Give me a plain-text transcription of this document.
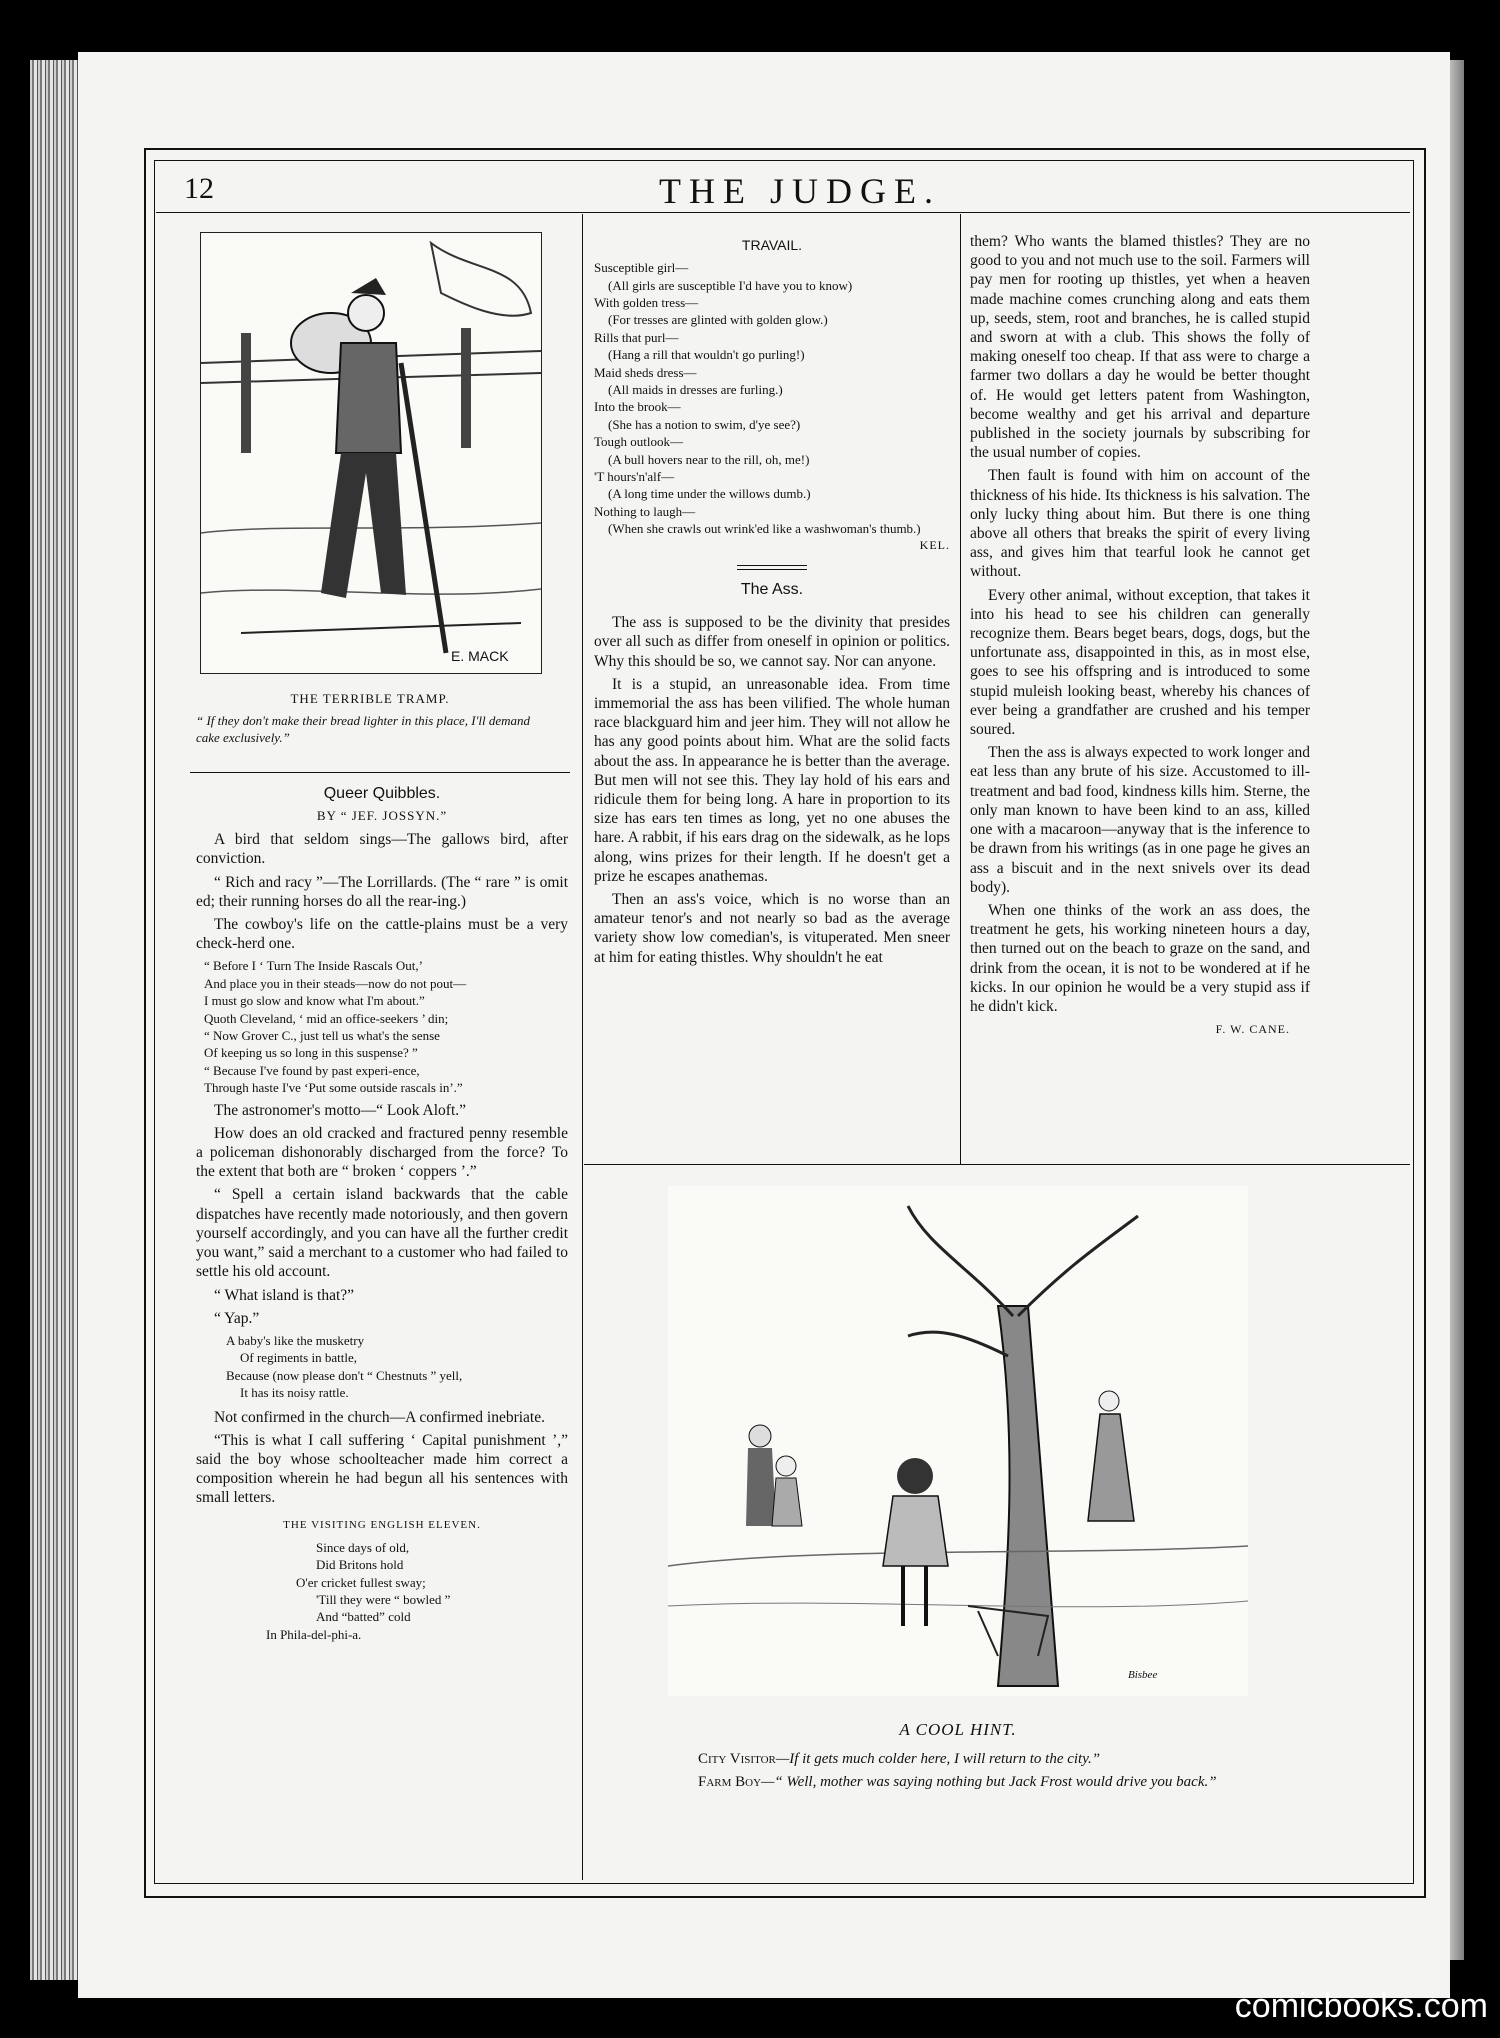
12	THE JUDGE.
E. MACK
THE TERRIBLE TRAMP.
“ If they don't make their bread lighter in this place, I'll demand cake exclusively.”
Queer Quibbles.
BY “ JEF. JOSSYN.”

A bird that seldom sings—The gallows bird, after conviction.

“ Rich and racy ”—The Lorrillards. (The “ rare ” is omit ed; their running horses do all the rear-ing.)

The cowboy's life on the cattle-plains must be a very check-herd one.

“ Before I ‘ Turn The Inside Rascals Out,’
And place you in their steads—now do not pout—
I must go slow and know what I'm about.”
Quoth Cleveland, ‘ mid an office-seekers ’ din;
“ Now Grover C., just tell us what's the sense
Of keeping us so long in this suspense? ”
“ Because I've found by past experi-ence,
Through haste I've ‘Put some outside rascals in’.”

The astronomer's motto—“ Look Aloft.”

How does an old cracked and fractured penny resemble a policeman dishonorably discharged from the force? To the extent that both are “ broken ‘ coppers ’.”

“ Spell a certain island backwards that the cable dispatches have recently made notoriously, and then govern yourself accordingly, and you can have all the further credit you want,” said a merchant to a customer who had failed to settle his old account.

“ What island is that?”

“ Yap.”

A baby's like the musketry
Of regiments in battle,
Because (now please don't “ Chestnuts ” yell,
It has its noisy rattle.

Not confirmed in the church—A confirmed inebriate.

“This is what I call suffering ‘ Capital punishment ’,” said the boy whose schoolteacher made him correct a composition wherein he had begun all his sentences with small letters.

THE VISITING ENGLISH ELEVEN.
Since days of old,
Did Britons hold
O'er cricket fullest sway;
'Till they were “ bowled ”
And “batted” cold
In Phila-del-phi-a.
TRAVAIL.
Susceptible girl—
(All girls are susceptible I'd have you to know)
With golden tress—
(For tresses are glinted with golden glow.)
Rills that purl—
(Hang a rill that wouldn't go purling!)
Maid sheds dress—
(All maids in dresses are furling.)
Into the brook—
(She has a notion to swim, d'ye see?)
Tough outlook—
(A bull hovers near to the rill, oh, me!)
'T hours'n'alf—
(A long time under the willows dumb.)
Nothing to laugh—
(When she crawls out wrink'ed like a washwoman's thumb.)
KEL.
The Ass.

The ass is supposed to be the divinity that presides over all such as differ from oneself in opinion or politics. Why this should be so, we cannot say. Nor can anyone.

It is a stupid, an unreasonable idea. From time immemorial the ass has been vilified. The whole human race blackguard him and jeer him. They will not allow he has any good points about him. What are the solid facts about the ass. In appearance he is better than the average. But men will not see this. They lay hold of his ears and ridicule them for being long. A hare in proportion to its size has ears ten times as long, yet no one abuses the hare. A rabbit, if his ears drag on the sidewalk, as he lops along, wins prizes for their length. If he doesn't get a prize he escapes anathemas.

Then an ass's voice, which is no worse than an amateur tenor's and not nearly so bad as the average variety show low comedian's, is vituperated. Men sneer at him for eating thistles. Why shouldn't he eat

them? Who wants the blamed thistles? They are no good to you and not much use to the soil. Farmers will pay men for rooting up thistles, yet when a heaven made machine comes crunching along and eats them up, seeds, stem, root and branches, he is called stupid and sworn at with a club. This shows the folly of making oneself too cheap. If that ass were to charge a farmer two dollars a day he would be better thought of. He would get letters patent from Washington, become wealthy and get his arrival and departure published in the society journals by subscribing for the usual number of copies.

Then fault is found with him on account of the thickness of his hide. Its thickness is his salvation. The only lucky thing about him. But there is one thing above all others that breaks the spirit of every living ass, and gives him that tearful look he cannot get without.

Every other animal, without exception, that takes it into his head to see his children can generally recognize them. Bears beget bears, dogs, dogs, but the unfortunate ass, disappointed in this, as in most else, goes to see his offspring and is introduced to some stupid muleish looking beast, whereby his chances of ever being a grandfather are crushed and his temper soured.

Then the ass is always expected to work longer and eat less than any brute of his size. Accustomed to ill-treatment and bad food, kindness kills him. Sterne, the only man known to have been kind to an ass, killed one with a macaroon—anyway that is the inference to be drawn from his writings (as in one page he gives an ass a biscuit and in the next snivels over its dead body).

When one thinks of the work an ass does, the treatment he gets, his working nineteen hours a day, then turned out on the beach to graze on the sand, and drink from the ocean, it is not to be wondered at if he kicks. In our opinion he would be a very stupid ass if he didn't kick.

F. W. CANE.
Bisbee
A COOL HINT.

City Visitor—If it gets much colder here, I will return to the city.”

Farm Boy—“ Well, mother was saying nothing but Jack Frost would drive you back.”

comicbooks.com
